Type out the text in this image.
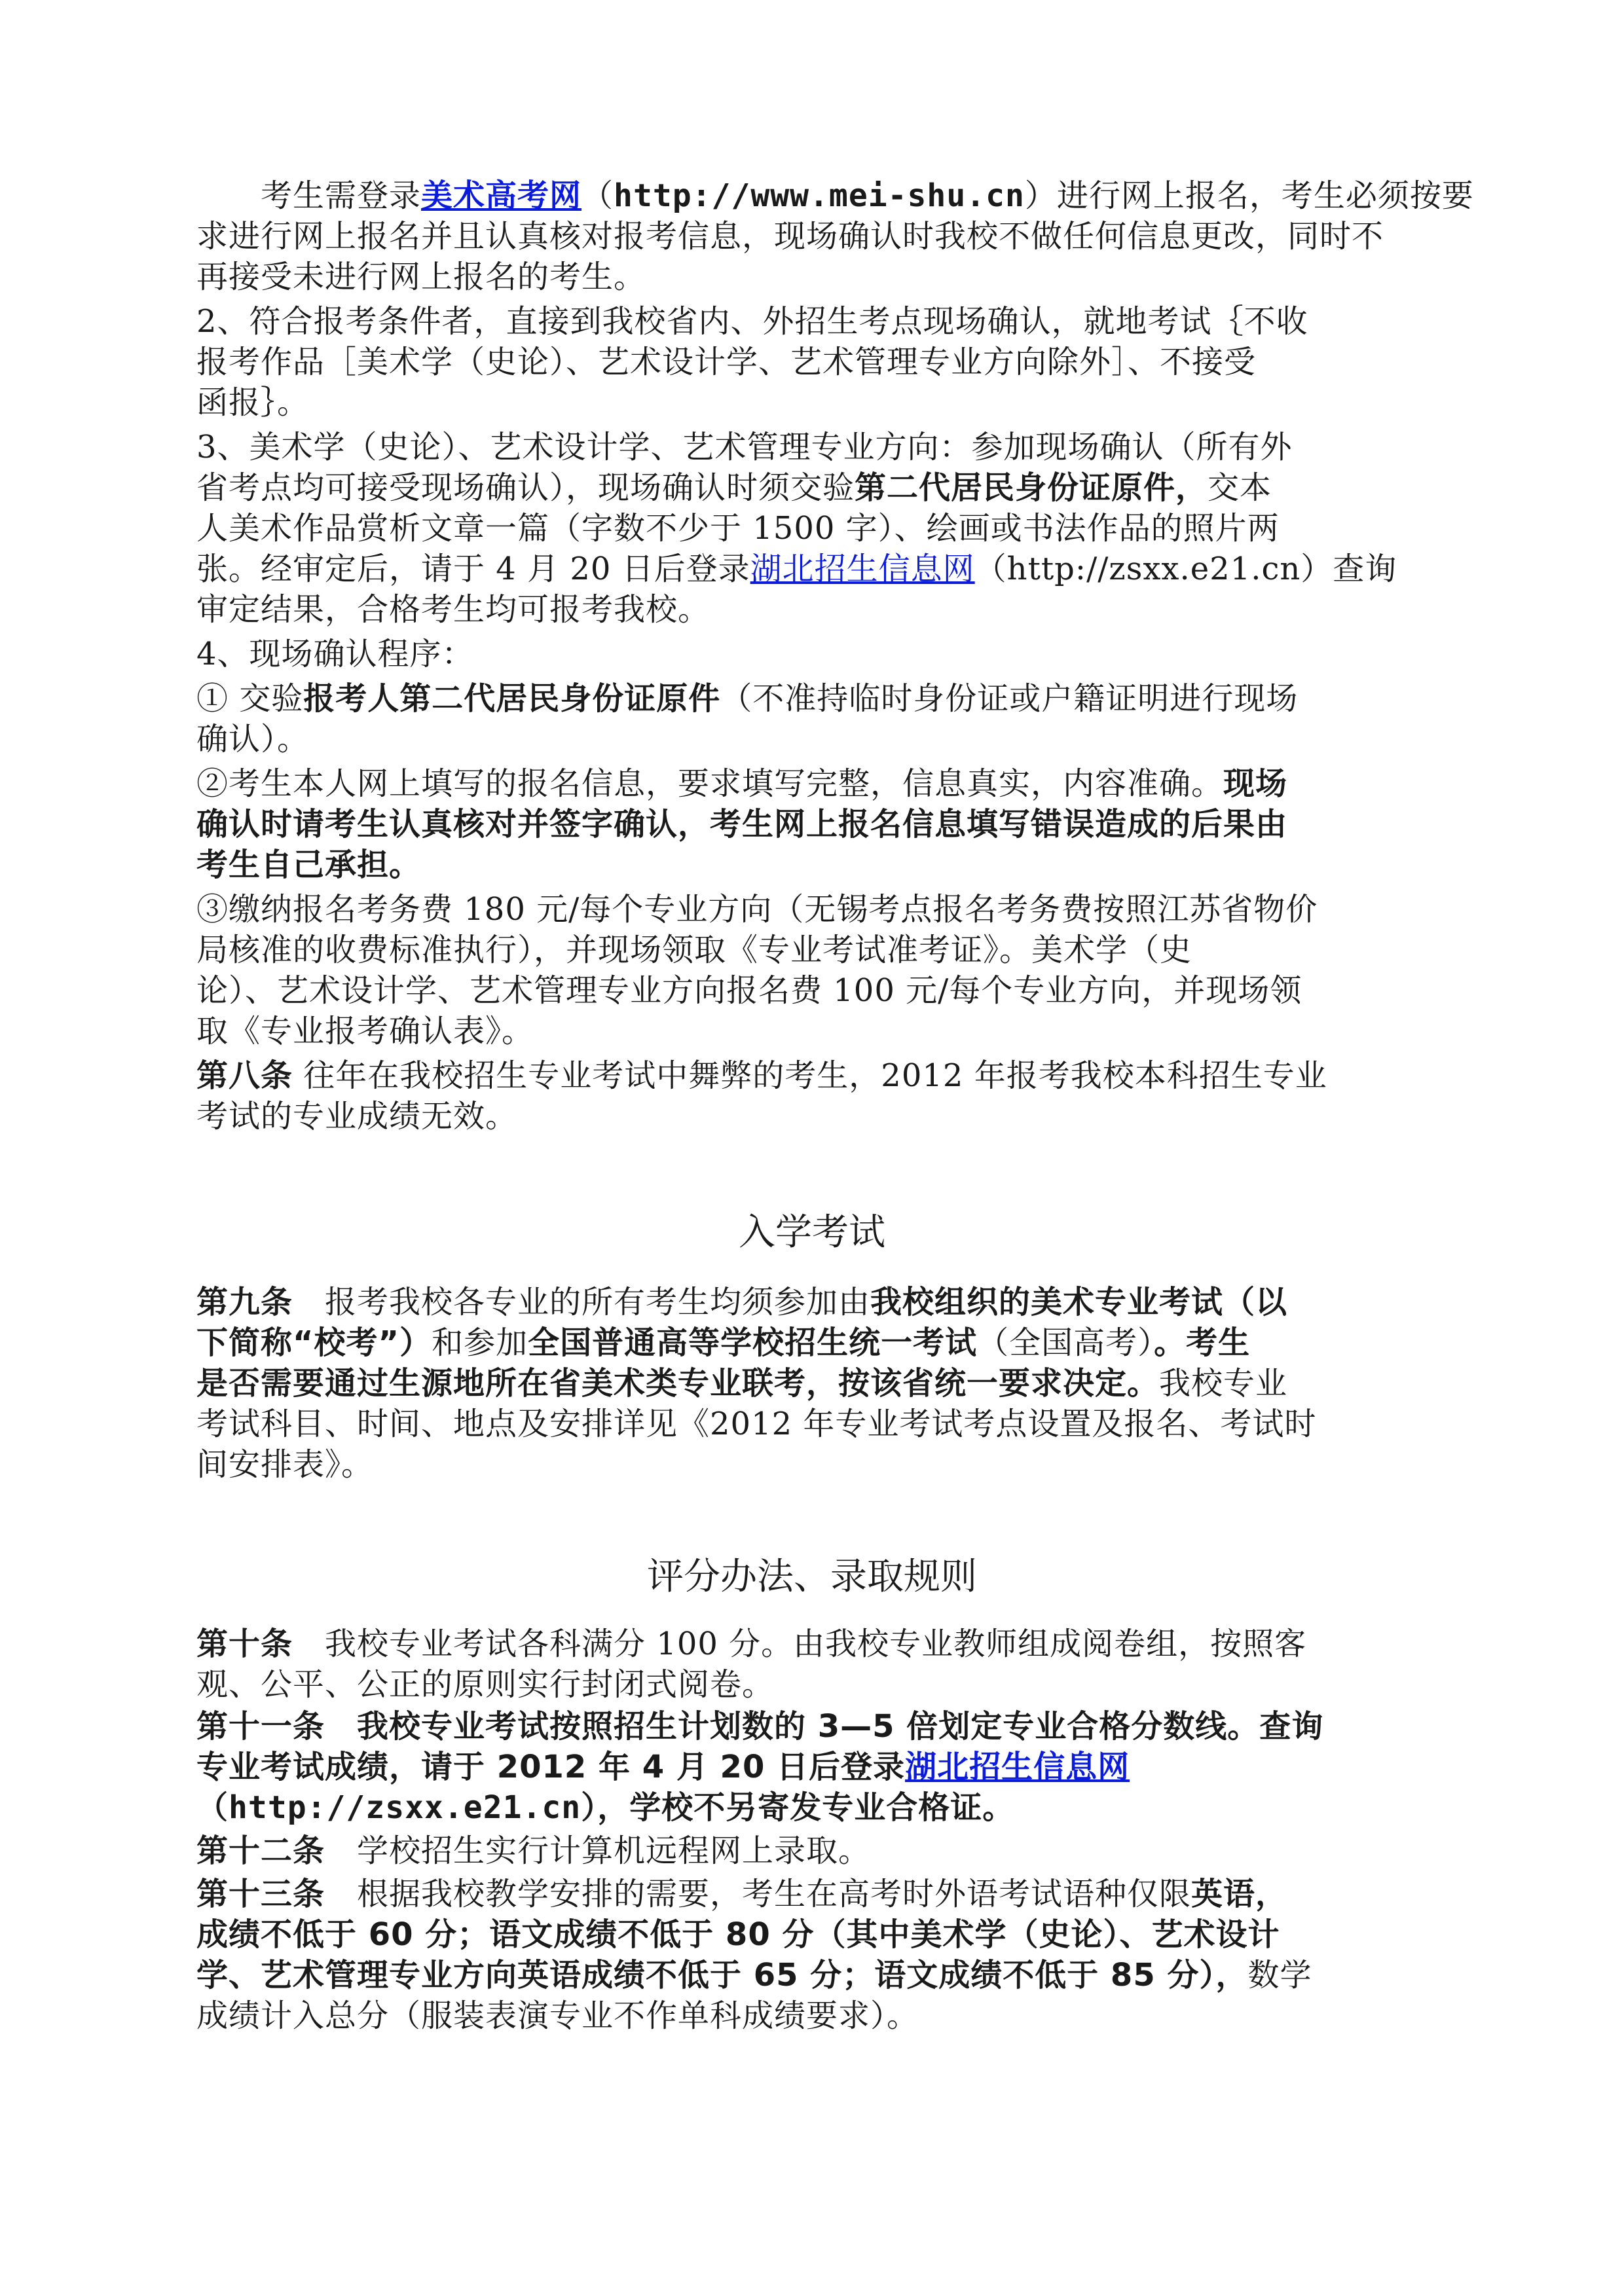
考生需登录美术高考网（http://www.mei-shu.cn）进行网上报名，考生必须按要
求进行网上报名并且认真核对报考信息，现场确认时我校不做任何信息更改，同时不
再接受未进行网上报名的考生。
2、符合报考条件者，直接到我校省内、外招生考点现场确认，就地考试｛不收
报考作品［美术学（史论）、艺术设计学、艺术管理专业方向除外］、不接受
函报｝。
3、美术学（史论）、艺术设计学、艺术管理专业方向：参加现场确认（所有外
省考点均可接受现场确认），现场确认时须交验第二代居民身份证原件，交本
人美术作品赏析文章一篇（字数不少于 1500 字）、绘画或书法作品的照片两
张。经审定后，请于 4 月 20 日后登录湖北招生信息网（http://zsxx.e21.cn）查询
审定结果，合格考生均可报考我校。
4、现场确认程序：
① 交验报考人第二代居民身份证原件（不准持临时身份证或户籍证明进行现场
确认）。
②考生本人网上填写的报名信息，要求填写完整，信息真实，内容准确。现场
确认时请考生认真核对并签字确认，考生网上报名信息填写错误造成的后果由
考生自己承担。
③缴纳报名考务费 180 元/每个专业方向（无锡考点报名考务费按照江苏省物价
局核准的收费标准执行），并现场领取《专业考试准考证》。美术学（史
论）、艺术设计学、艺术管理专业方向报名费 100 元/每个专业方向，并现场领
取《专业报考确认表》。
第八条 往年在我校招生专业考试中舞弊的考生，2012 年报考我校本科招生专业
考试的专业成绩无效。
入学考试
第九条　报考我校各专业的所有考生均须参加由我校组织的美术专业考试（以
下简称“校考”）和参加全国普通高等学校招生统一考试（全国高考）。考生
是否需要通过生源地所在省美术类专业联考，按该省统一要求决定。我校专业
考试科目、时间、地点及安排详见《2012 年专业考试考点设置及报名、考试时
间安排表》。
评分办法、录取规则
第十条　我校专业考试各科满分 100 分。由我校专业教师组成阅卷组，按照客
观、公平、公正的原则实行封闭式阅卷。
第十一条　我校专业考试按照招生计划数的 3—5 倍划定专业合格分数线。查询
专业考试成绩，请于 2012 年 4 月 20 日后登录湖北招生信息网
（http://zsxx.e21.cn），学校不另寄发专业合格证。
第十二条　学校招生实行计算机远程网上录取。
第十三条　根据我校教学安排的需要，考生在高考时外语考试语种仅限英语，
成绩不低于 60 分；语文成绩不低于 80 分（其中美术学（史论）、艺术设计
学、艺术管理专业方向英语成绩不低于 65 分；语文成绩不低于 85 分），数学
成绩计入总分（服装表演专业不作单科成绩要求）。
